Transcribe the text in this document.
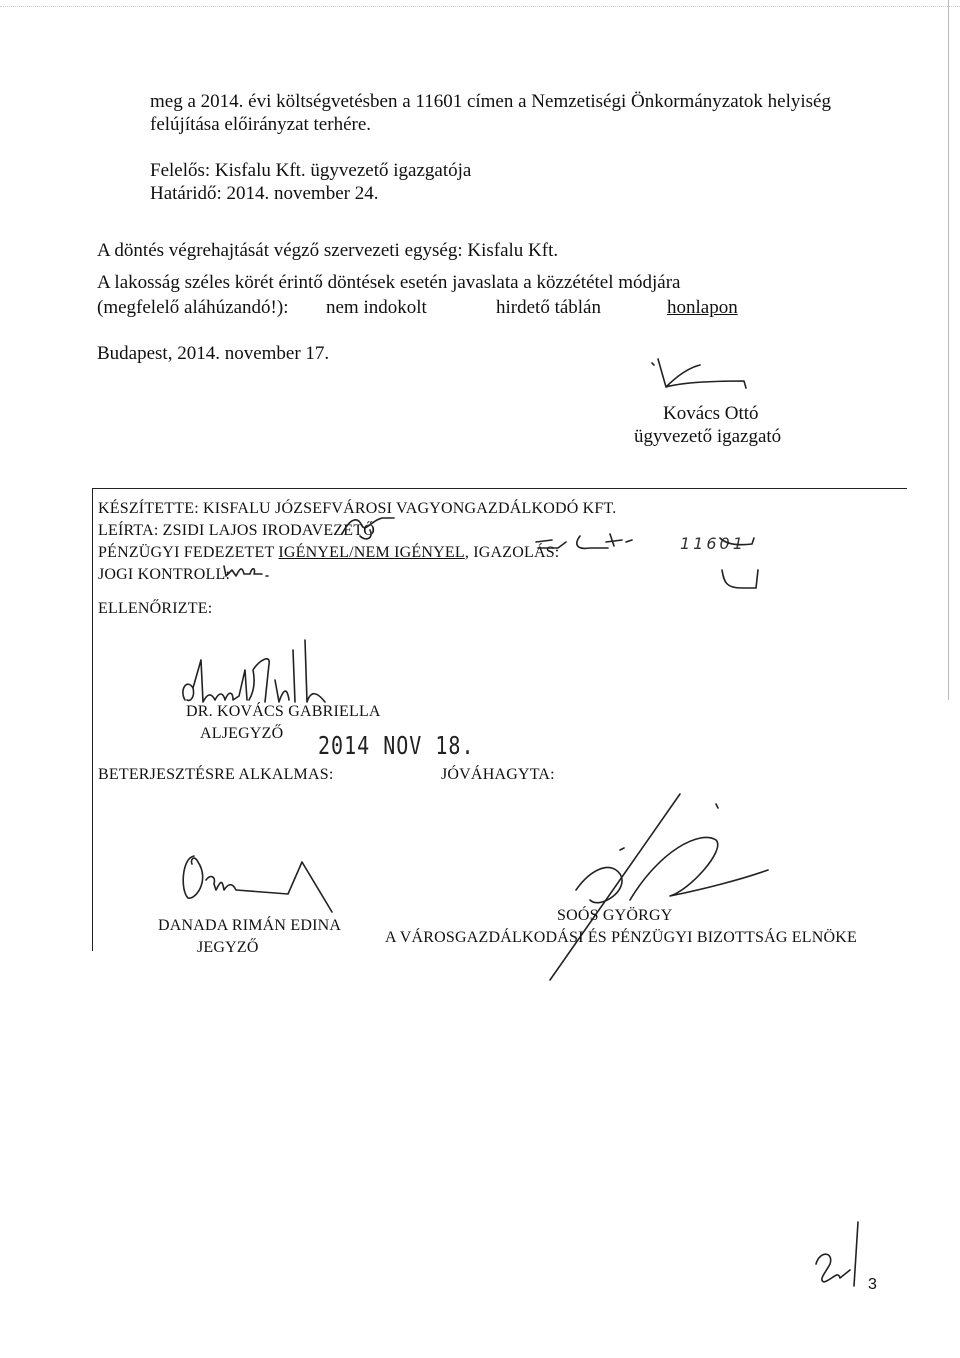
meg a 2014. évi költségvetésben a 11601 címen a Nemzetiségi Önkormányzatok helyiség
felújítása előirányzat terhére.
Felelős: Kisfalu Kft. ügyvezető igazgatója
Határidő: 2014. november 24.
A döntés végrehajtását végző szervezeti egység: Kisfalu Kft.
A lakosság széles körét érintő döntések esetén javaslata a közzététel módjára
(megfelelő aláhúzandó!): nem indokolt	hirdető táblán	honlapon
Budapest, 2014. november 17.
Kovács Ottó
ügyvezető igazgató
KÉSZÍTETTE: KISFALU JÓZSEFVÁROSI VAGYONGAZDÁLKODÓ KFT.
LEÍRTA: ZSIDI LAJOS IRODAVEZETŐ
PÉNZÜGYI FEDEZETET IGÉNYEL/NEM IGÉNYEL, IGAZOLÁS:	11601
JOGI KONTROLL:
ELLENŐRIZTE:
DR. KOVÁCS GABRIELLA
ALJEGYZŐ 2014 NOV 18.
BETERJESZTÉSRE ALKALMAS:	JÓVÁHAGYTA:
DANADA RIMÁN EDINA
JEGYZŐ
SOÓS GYÖRGY
A VÁROSGAZDÁLKODÁSI ÉS PÉNZÜGYI BIZOTTSÁG ELNÖKE
3
